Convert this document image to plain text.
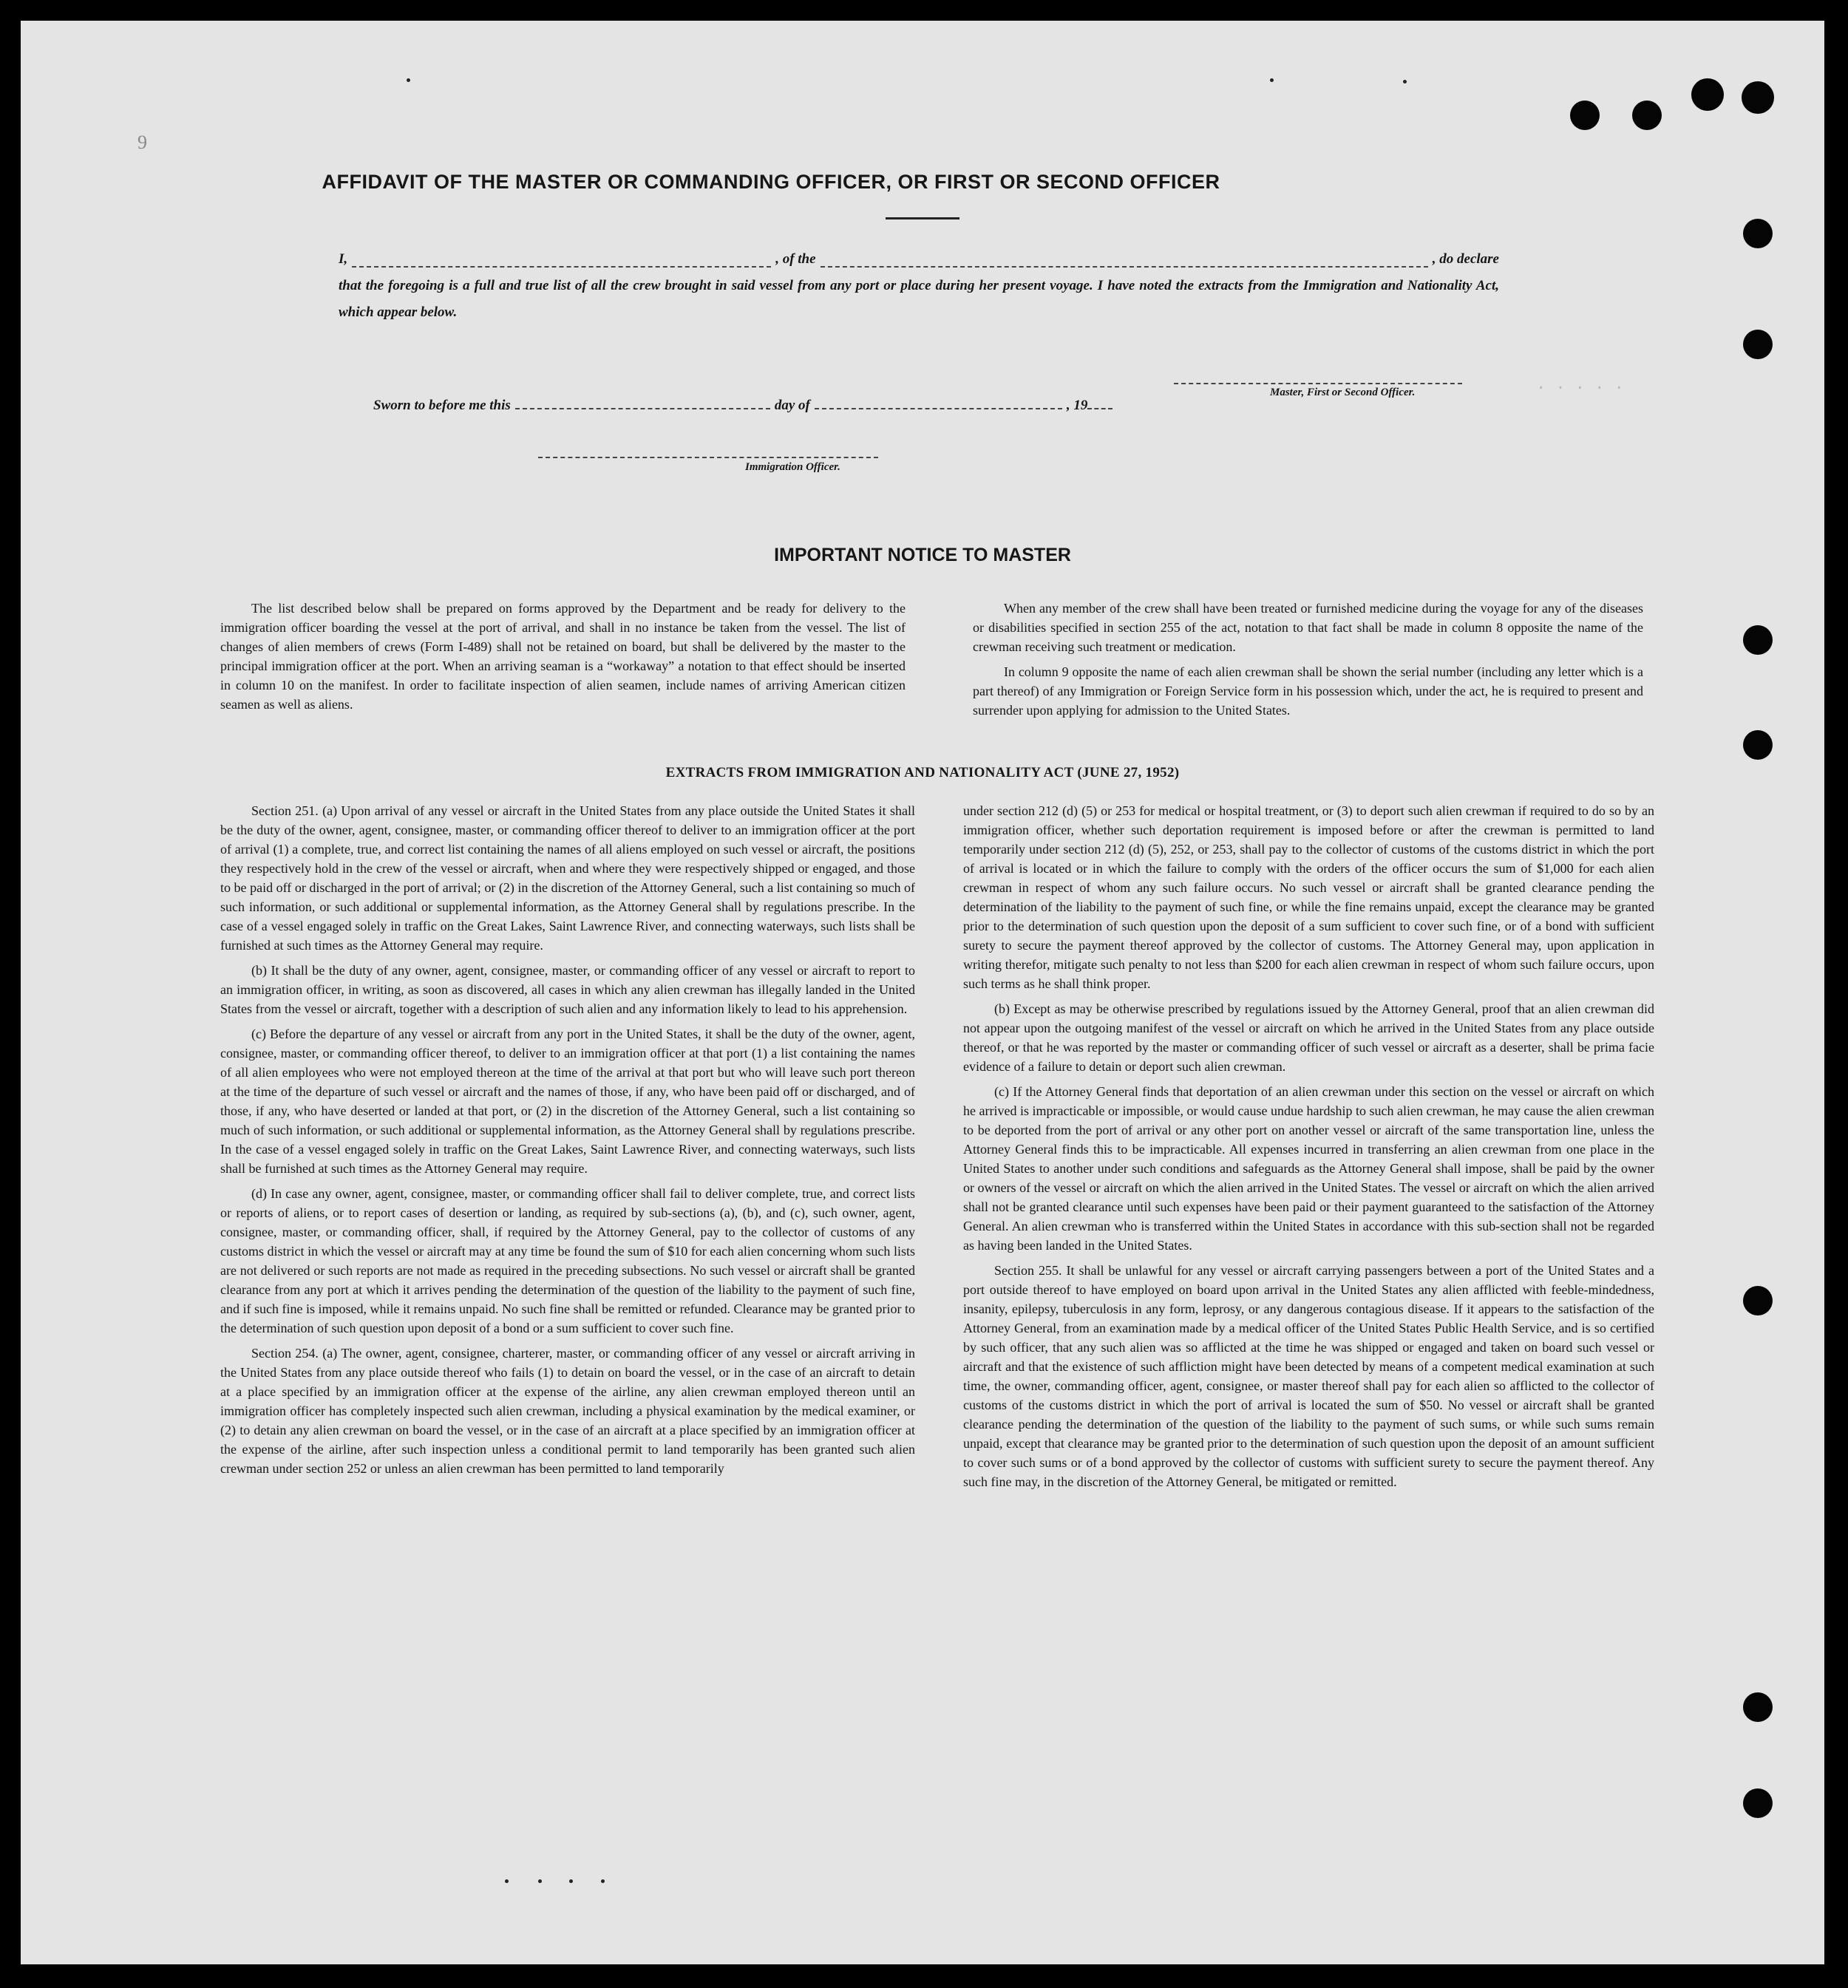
. . . . .
9
AFFIDAVIT OF THE MASTER OR COMMANDING OFFICER, OR FIRST OR SECOND OFFICER
I,	, of the	, do declare
that the foregoing is a full and true list of all the crew brought in said vessel from any port or place during her present voyage. I have noted the extracts from the Immigration and Nationality Act, which appear below.
Master, First or Second Officer.
Sworn to before me this	day of	, 19
Immigration Officer.
IMPORTANT NOTICE TO MASTER

The list described below shall be prepared on forms approved by the Department and be ready for delivery to the immigration officer boarding the vessel at the port of arrival, and shall in no instance be taken from the vessel. The list of changes of alien members of crews (Form I-489) shall not be retained on board, but shall be delivered by the master to the principal immigration officer at the port. When an arriving seaman is a “workaway” a notation to that effect should be inserted in column 10 on the manifest. In order to facilitate inspection of alien seamen, include names of arriving American citizen seamen as well as aliens.

When any member of the crew shall have been treated or furnished medicine during the voyage for any of the diseases or disabilities specified in section 255 of the act, notation to that fact shall be made in column 8 opposite the name of the crewman receiving such treatment or medication.

In column 9 opposite the name of each alien crewman shall be shown the serial number (including any letter which is a part thereof) of any Immigration or Foreign Service form in his possession which, under the act, he is required to present and surrender upon applying for admission to the United States.

EXTRACTS FROM IMMIGRATION AND NATIONALITY ACT (JUNE 27, 1952)

Section 251. (a) Upon arrival of any vessel or aircraft in the United States from any place outside the United States it shall be the duty of the owner, agent, consignee, master, or commanding officer thereof to deliver to an immigration officer at the port of arrival (1) a complete, true, and correct list containing the names of all aliens employed on such vessel or aircraft, the positions they respectively hold in the crew of the vessel or aircraft, when and where they were respectively shipped or engaged, and those to be paid off or discharged in the port of arrival; or (2) in the discretion of the Attorney General, such a list containing so much of such information, or such additional or supplemental information, as the Attorney General shall by regulations prescribe. In the case of a vessel engaged solely in traffic on the Great Lakes, Saint Lawrence River, and connecting waterways, such lists shall be furnished at such times as the Attorney General may require.

(b) It shall be the duty of any owner, agent, consignee, master, or commanding officer of any vessel or aircraft to report to an immigration officer, in writing, as soon as discovered, all cases in which any alien crewman has illegally landed in the United States from the vessel or aircraft, together with a description of such alien and any information likely to lead to his apprehension.

(c) Before the departure of any vessel or aircraft from any port in the United States, it shall be the duty of the owner, agent, consignee, master, or commanding officer thereof, to deliver to an immigration officer at that port (1) a list containing the names of all alien employees who were not employed thereon at the time of the arrival at that port but who will leave such port thereon at the time of the departure of such vessel or aircraft and the names of those, if any, who have been paid off or discharged, and of those, if any, who have deserted or landed at that port, or (2) in the discretion of the Attorney General, such a list containing so much of such information, or such additional or supplemental information, as the Attorney General shall by regulations prescribe. In the case of a vessel engaged solely in traffic on the Great Lakes, Saint Lawrence River, and connecting waterways, such lists shall be furnished at such times as the Attorney General may require.

(d) In case any owner, agent, consignee, master, or commanding officer shall fail to deliver complete, true, and correct lists or reports of aliens, or to report cases of desertion or landing, as required by sub-sections (a), (b), and (c), such owner, agent, consignee, master, or commanding officer, shall, if required by the Attorney General, pay to the collector of customs of any customs district in which the vessel or aircraft may at any time be found the sum of $10 for each alien concerning whom such lists are not delivered or such reports are not made as required in the preceding subsections. No such vessel or aircraft shall be granted clearance from any port at which it arrives pending the determination of the question of the liability to the payment of such fine, and if such fine is imposed, while it remains unpaid. No such fine shall be remitted or refunded. Clearance may be granted prior to the determination of such question upon deposit of a bond or a sum sufficient to cover such fine.

Section 254. (a) The owner, agent, consignee, charterer, master, or commanding officer of any vessel or aircraft arriving in the United States from any place outside thereof who fails (1) to detain on board the vessel, or in the case of an aircraft to detain at a place specified by an immigration officer at the expense of the airline, any alien crewman employed thereon until an immigration officer has completely inspected such alien crewman, including a physical examination by the medical examiner, or (2) to detain any alien crewman on board the vessel, or in the case of an aircraft at a place specified by an immigration officer at the expense of the airline, after such inspection unless a conditional permit to land temporarily has been granted such alien crewman under section 252 or unless an alien crewman has been permitted to land temporarily

under section 212 (d) (5) or 253 for medical or hospital treatment, or (3) to deport such alien crewman if required to do so by an immigration officer, whether such deportation requirement is imposed before or after the crewman is permitted to land temporarily under section 212 (d) (5), 252, or 253, shall pay to the collector of customs of the customs district in which the port of arrival is located or in which the failure to comply with the orders of the officer occurs the sum of $1,000 for each alien crewman in respect of whom any such failure occurs. No such vessel or aircraft shall be granted clearance pending the determination of the liability to the payment of such fine, or while the fine remains unpaid, except the clearance may be granted prior to the determination of such question upon the deposit of a sum sufficient to cover such fine, or of a bond with sufficient surety to secure the payment thereof approved by the collector of customs. The Attorney General may, upon application in writing therefor, mitigate such penalty to not less than $200 for each alien crewman in respect of whom such failure occurs, upon such terms as he shall think proper.

(b) Except as may be otherwise prescribed by regulations issued by the Attorney General, proof that an alien crewman did not appear upon the outgoing manifest of the vessel or aircraft on which he arrived in the United States from any place outside thereof, or that he was reported by the master or commanding officer of such vessel or aircraft as a deserter, shall be prima facie evidence of a failure to detain or deport such alien crewman.

(c) If the Attorney General finds that deportation of an alien crewman under this section on the vessel or aircraft on which he arrived is impracticable or impossible, or would cause undue hardship to such alien crewman, he may cause the alien crewman to be deported from the port of arrival or any other port on another vessel or aircraft of the same transportation line, unless the Attorney General finds this to be impracticable. All expenses incurred in transferring an alien crewman from one place in the United States to another under such conditions and safeguards as the Attorney General shall impose, shall be paid by the owner or owners of the vessel or aircraft on which the alien arrived in the United States. The vessel or aircraft on which the alien arrived shall not be granted clearance until such expenses have been paid or their payment guaranteed to the satisfaction of the Attorney General. An alien crewman who is transferred within the United States in accordance with this sub-section shall not be regarded as having been landed in the United States.

Section 255. It shall be unlawful for any vessel or aircraft carrying passengers between a port of the United States and a port outside thereof to have employed on board upon arrival in the United States any alien afflicted with feeble-mindedness, insanity, epilepsy, tuberculosis in any form, leprosy, or any dangerous contagious disease. If it appears to the satisfaction of the Attorney General, from an examination made by a medical officer of the United States Public Health Service, and is so certified by such officer, that any such alien was so afflicted at the time he was shipped or engaged and taken on board such vessel or aircraft and that the existence of such affliction might have been detected by means of a competent medical examination at such time, the owner, commanding officer, agent, consignee, or master thereof shall pay for each alien so afflicted to the collector of customs of the customs district in which the port of arrival is located the sum of $50. No vessel or aircraft shall be granted clearance pending the determination of the question of the liability to the payment of such sums, or while such sums remain unpaid, except that clearance may be granted prior to the determination of such question upon the deposit of an amount sufficient to cover such sums or of a bond approved by the collector of customs with sufficient surety to secure the payment thereof. Any such fine may, in the discretion of the Attorney General, be mitigated or remitted.
